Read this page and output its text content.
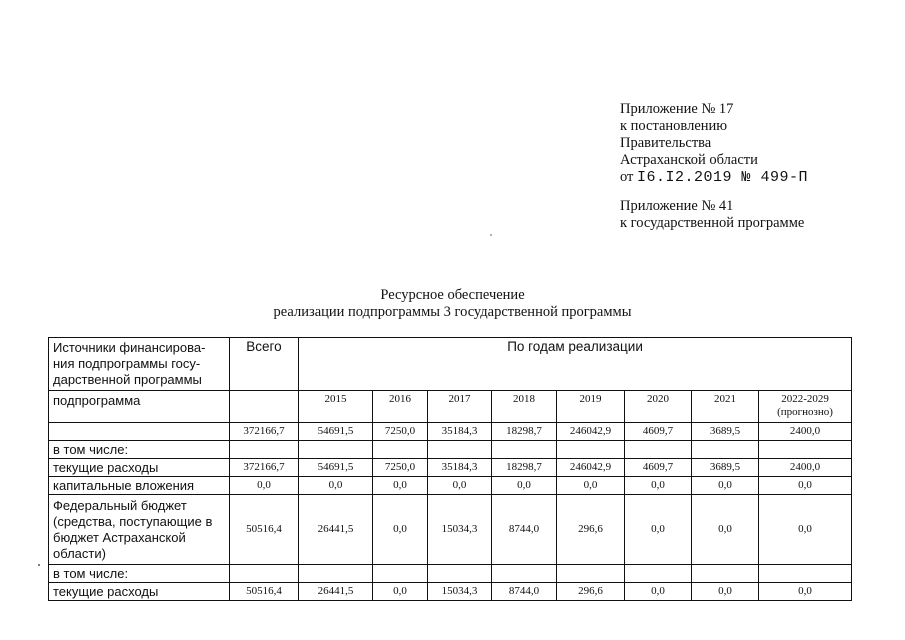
Приложение № 17
к постановлению
Правительства
Астраханской области
от I6.I2.2019 № 499-П
Приложение № 41
к государственной программе
Ресурсное обеспечение
реализации подпрограммы 3 государственной программы
Источники финансирова-ния подпрограммы госу-дарственной программы	Всего	По годам реализации							
подпрограмма		2015	2016	2017	2018	2019	2020	2021	2022-2029
(прогнозно)

	372166,7	54691,5	7250,0	35184,3	18298,7	246042,9	4609,7	3689,5	2400,0
в том числе:									
текущие расходы	372166,7	54691,5	7250,0	35184,3	18298,7	246042,9	4609,7	3689,5	2400,0
капитальные вложения	0,0	0,0	0,0	0,0	0,0	0,0	0,0	0,0	0,0
Федеральный бюджет (средства, поступающие в бюджет Астраханской области)	50516,4	26441,5	0,0	15034,3	8744,0	296,6	0,0	0,0	0,0
в том числе:									
текущие расходы	50516,4	26441,5	0,0	15034,3	8744,0	296,6	0,0	0,0	0,0
